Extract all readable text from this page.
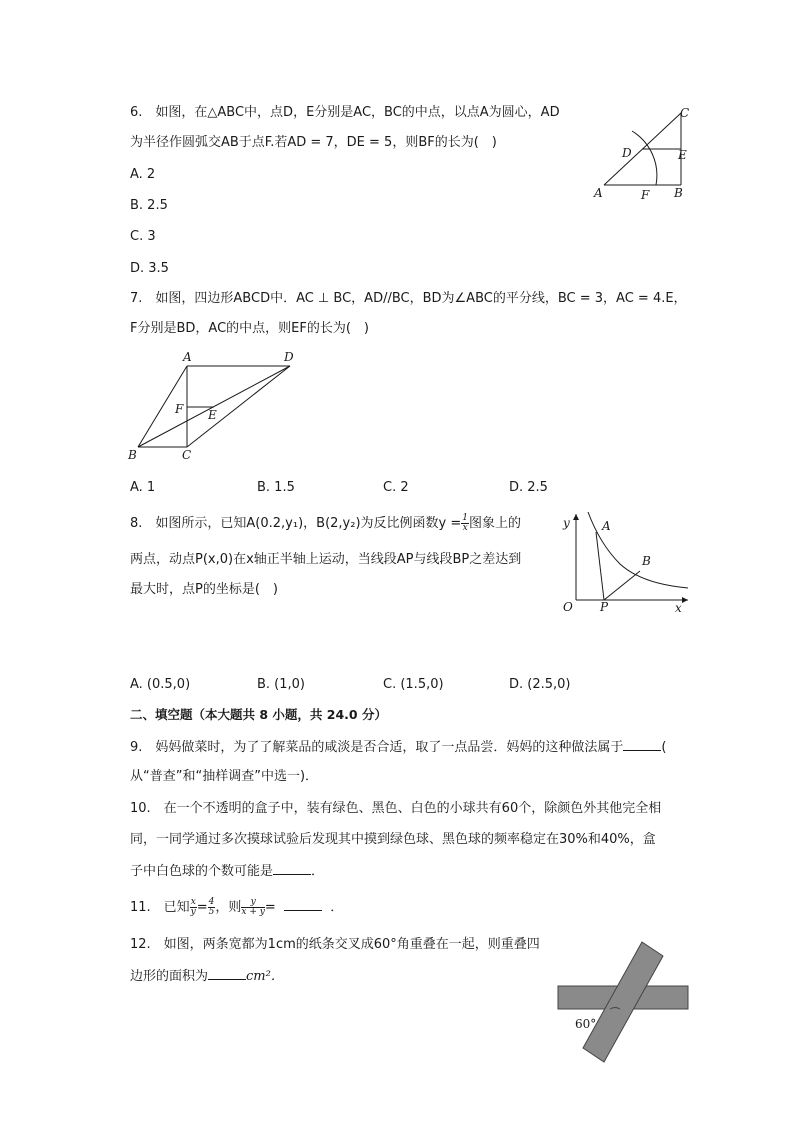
6.　如图，在△ABC中，点D，E分别是AC，BC的中点，以点A为圆心，AD
为半径作圆弧交AB于点F.若AD = 7，DE = 5，则BF的长为(　)
A. 2
B. 2.5
C. 3
D. 3.5
A	B
C
D	E
F
7.　如图，四边形ABCD中．AC ⊥ BC，AD//BC，BD为∠ABC的平分线，BC = 3，AC = 4.E，
F分别是BD，AC的中点，则EF的长为(　)
A
B	C
D
E
F
A. 1	B. 1.5	C. 2	D. 2.5
8.　如图所示，已知A(0.2,y₁)，B(2,y₂)为反比例函数$y = \frac{1}{x}$ 图象上的
两点，动点P(x,0)在x轴正半轴上运动，当线段AP与线段BP之差达到
最大时，点P的坐标是(　)
y
x
O
A
B
P
A. (0.5,0)	B. (1,0)	C. (1.5,0)	D. (2.5,0)
二、填空题（本大题共 8 小题，共 24.0 分）
9.　妈妈做菜时，为了了解菜品的咸淡是否合适，取了一点品尝．妈妈的这种做法属于	(
从“普查”和“抽样调查”中选一)．
10.　在一个不透明的盒子中，装有绿色、黑色、白色的小球共有60个，除颜色外其他完全相
同，一同学通过多次摸球试验后发现其中摸到绿色球、黑色球的频率稳定在30%和40%，盒
子中白色球的个数可能是	．
11.　已知 $\frac{x}{y} = \frac{4}{5}$ ，则 $\frac{y}{x + y}$ =	．
12.　如图，两条宽都为1cm的纸条交叉成60°角重叠在一起，则重叠四
边形的面积为	cm²．
60°
